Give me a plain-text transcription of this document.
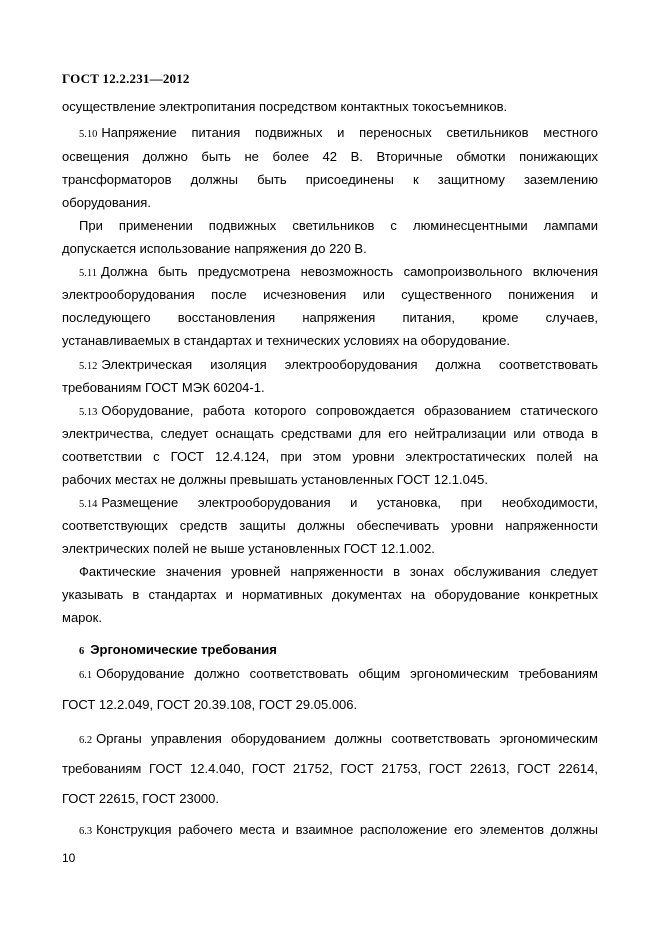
ГОСТ 12.2.231—2012
осуществление электропитания посредством контактных токосъемников.
5.10 Напряжение питания подвижных и переносных светильников местного
освещения должно быть не более 42 В. Вторичные обмотки понижающих
трансформаторов должны быть присоединены к защитному заземлению
оборудования.
При применении подвижных светильников с люминесцентными лампами
допускается использование напряжения до 220 В.
5.11 Должна быть предусмотрена невозможность самопроизвольного включения
электрооборудования после исчезновения или существенного понижения и
последующего восстановления напряжения питания, кроме случаев,
устанавливаемых в стандартах и технических условиях на оборудование.
5.12 Электрическая изоляция электрооборудования должна соответствовать
требованиям ГОСТ МЭК 60204-1.
5.13 Оборудование, работа которого сопровождается образованием статического
электричества, следует оснащать средствами для его нейтрализации или отвода в
соответствии с ГОСТ 12.4.124, при этом уровни электростатических полей на
рабочих местах не должны превышать установленных ГОСТ 12.1.045.
5.14 Размещение электрооборудования и установка, при необходимости,
соответствующих средств защиты должны обеспечивать уровни напряженности
электрических полей не выше установленных ГОСТ 12.1.002.
Фактические значения уровней напряженности в зонах обслуживания следует
указывать в стандартах и нормативных документах на оборудование конкретных
марок.
6 Эргономические требования
6.1 Оборудование должно соответствовать общим эргономическим требованиям
ГОСТ 12.2.049, ГОСТ 20.39.108, ГОСТ 29.05.006.
6.2 Органы управления оборудованием должны соответствовать эргономическим
требованиям ГОСТ 12.4.040, ГОСТ 21752, ГОСТ 21753, ГОСТ 22613, ГОСТ 22614,
ГОСТ 22615, ГОСТ 23000.
6.3 Конструкция рабочего места и взаимное расположение его элементов должны
10
